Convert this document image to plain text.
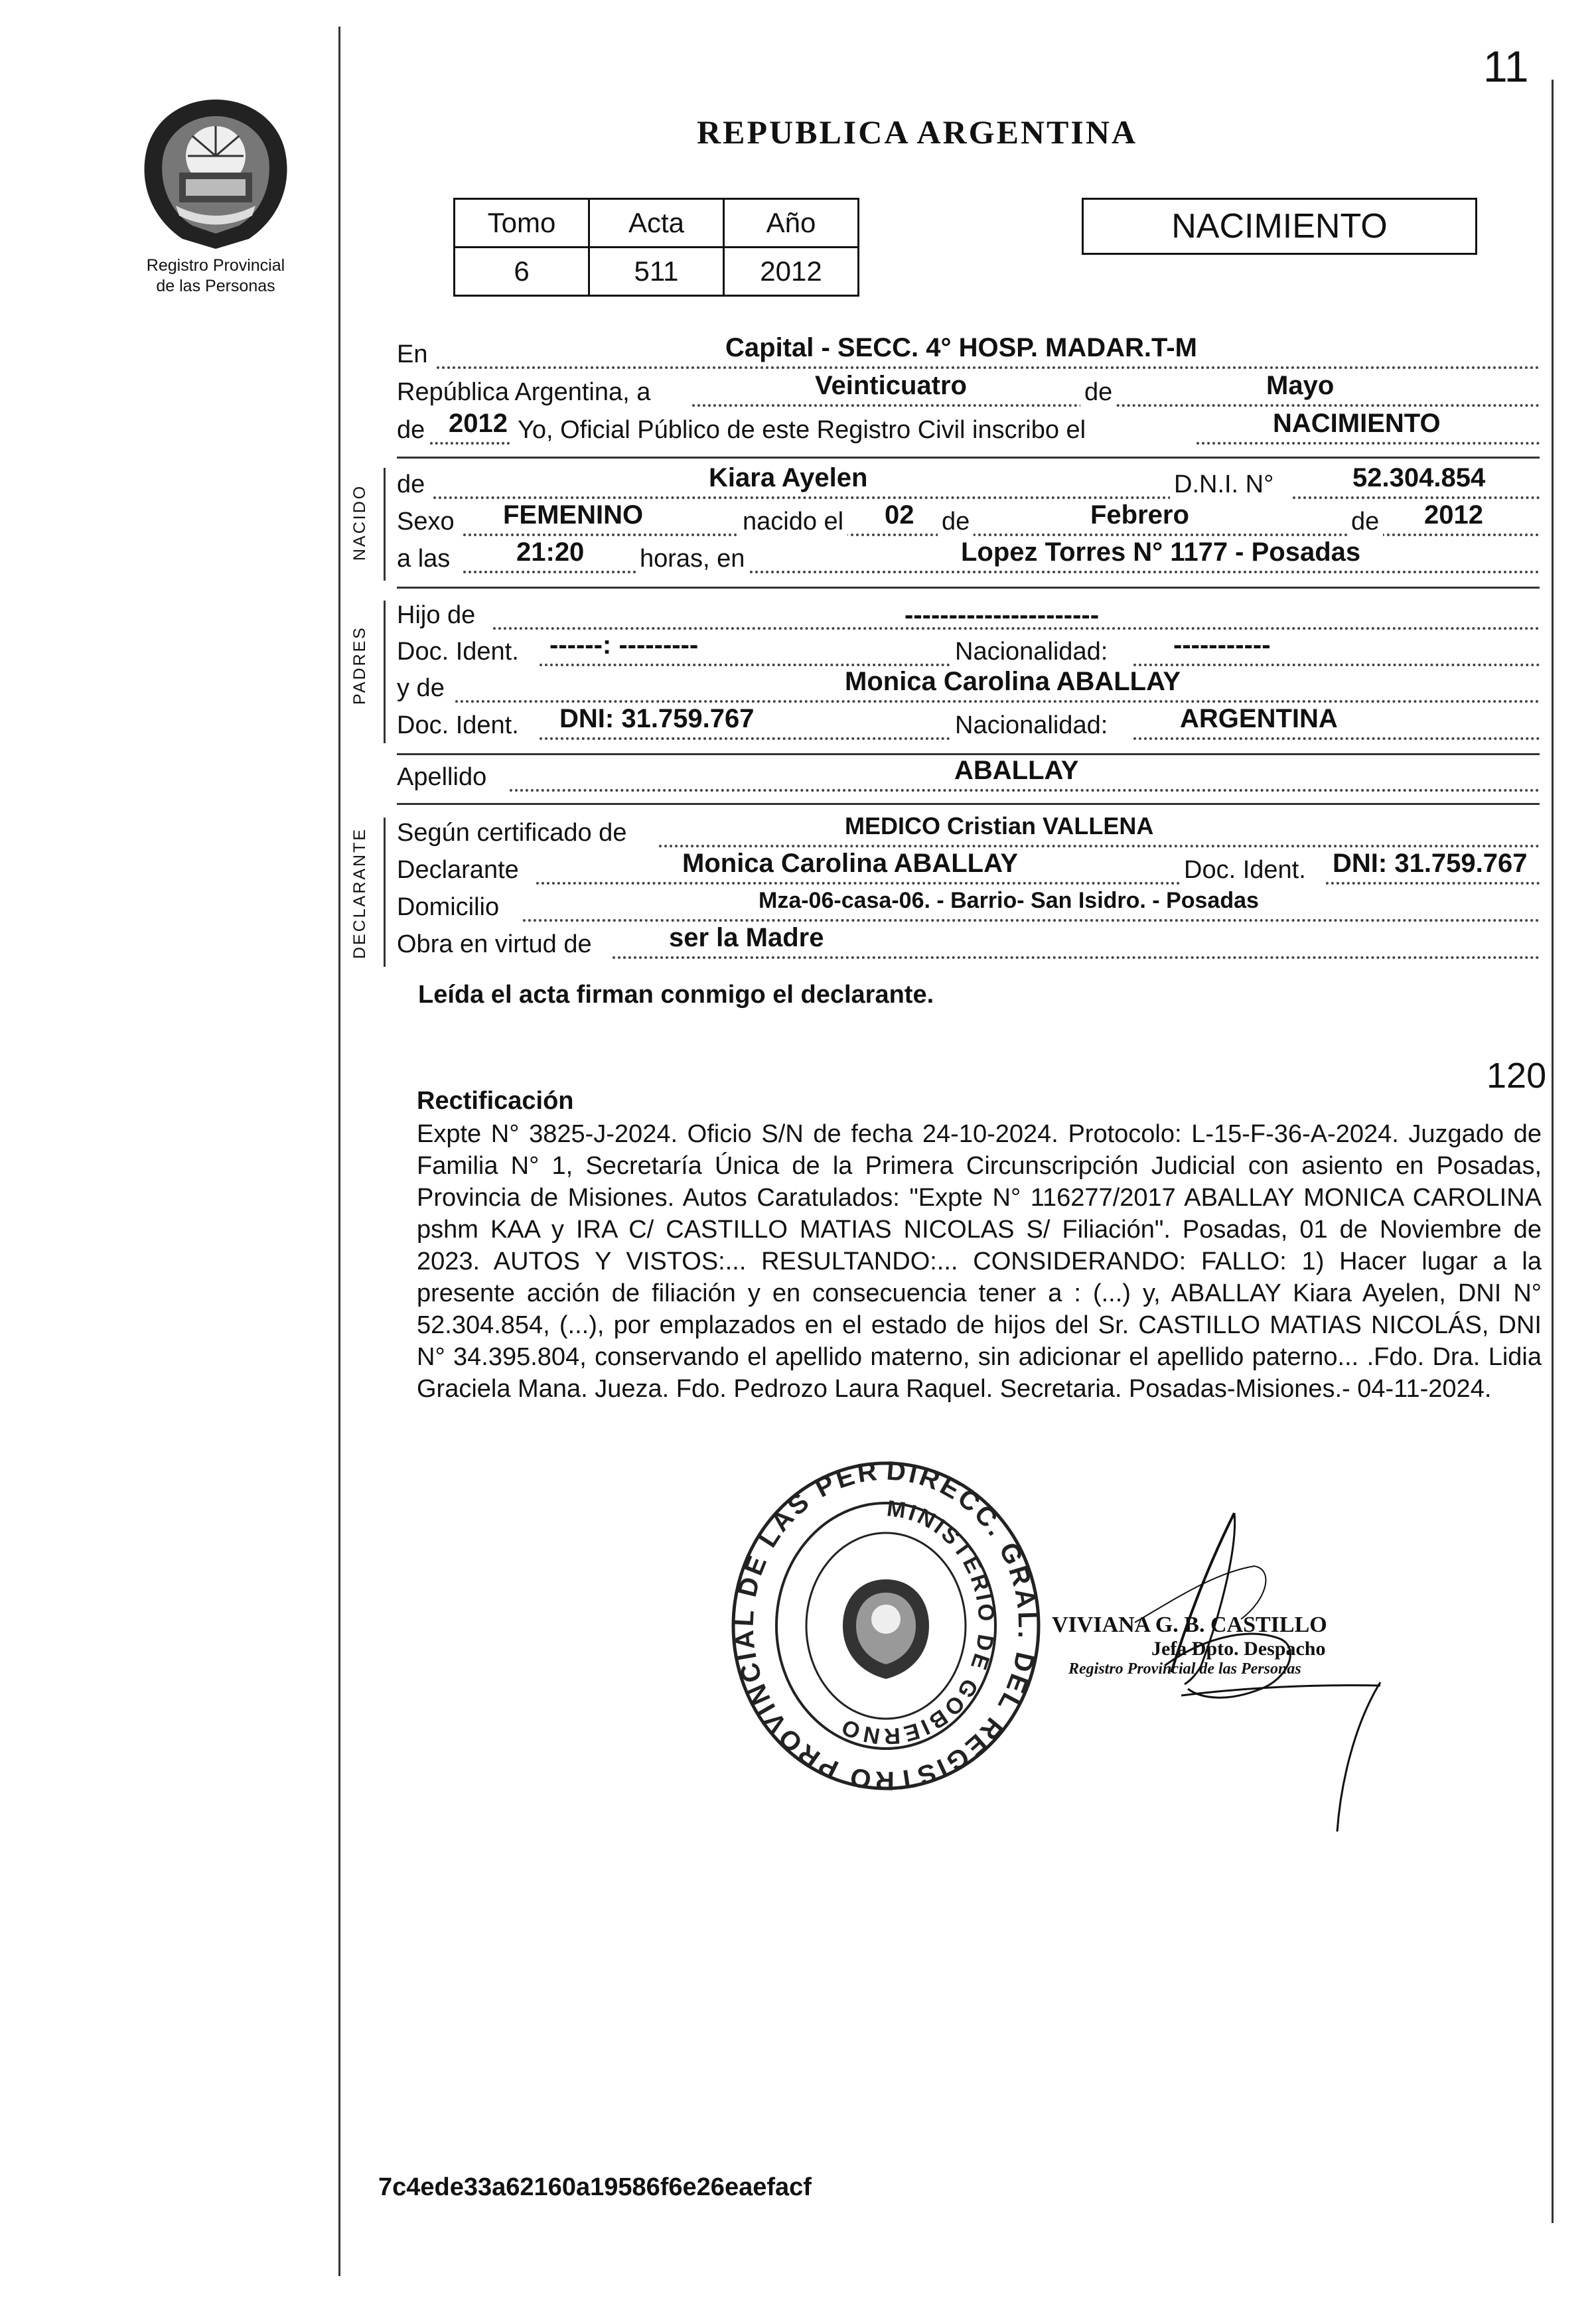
11
Registro Provincial
de las Personas
REPUBLICA ARGENTINA
Tomo	Acta	Año
6	511	2012
NACIMIENTO
En	Capital - SECC. 4° HOSP. MADAR.T-M
República Argentina, a	Veinticuatro	de	Mayo
de 2012 Yo, Oficial Público de este Registro Civil inscribo el	NACIMIENTO
NACIDO de	Kiara Ayelen	D.N.I. N°	52.304.854
Sexo FEMENINO	nacido el 02 de	Febrero	de 2012
a las 21:20 horas, en	Lopez Torres N° 1177 - Posadas
PADRES
Hijo de	----------------------
Doc. Ident. ------: ---------	Nacionalidad: -----------
y de	Monica Carolina ABALLAY
Doc. Ident. DNI: 31.759.767	Nacionalidad:	ARGENTINA
Apellido	ABALLAY
DECLARANTE Según certificado de	MEDICO Cristian VALLENA
Declarante	Monica Carolina ABALLAY	Doc. Ident. DNI: 31.759.767
Domicilio	Mza-06-casa-06. - Barrio- San Isidro. - Posadas
Obra en virtud de	ser la Madre
Leída el acta firman conmigo el declarante.
120
Rectificación
Expte N° 3825-J-2024. Oficio S/N de fecha 24-10-2024. Protocolo: L-15-F-36-A-2024. Juzgado de Familia N° 1, Secretaría Única de la Primera Circunscripción Judicial con asiento en Posadas, Provincia de Misiones. Autos Caratulados: "Expte N° 116277/2017 ABALLAY MONICA CAROLINA pshm KAA y IRA C/ CASTILLO MATIAS NICOLAS S/ Filiación". Posadas, 01 de Noviembre de 2023. AUTOS Y VISTOS:... RESULTANDO:... CONSIDERANDO: FALLO: 1) Hacer lugar a la presente acción de filiación y en consecuencia tener a : (...) y, ABALLAY Kiara Ayelen, DNI N° 52.304.854, (...), por emplazados en el estado de hijos del Sr. CASTILLO MATIAS NICOLÁS, DNI N° 34.395.804, conservando el apellido materno, sin adicionar el apellido paterno... .Fdo. Dra. Lidia Graciela Mana. Jueza. Fdo. Pedrozo Laura Raquel. Secretaria. Posadas-Misiones.- 04-11-2024.
DIRECC. GRAL. DEL REGISTRO PROVINCIAL DE LAS PER
MINISTERIO DE GOBIERNO
VIVIANA G. B. CASTILLO
Jefa Dpto. Despacho
Registro Provincial de las Personas
7c4ede33a62160a19586f6e26eaefacf
